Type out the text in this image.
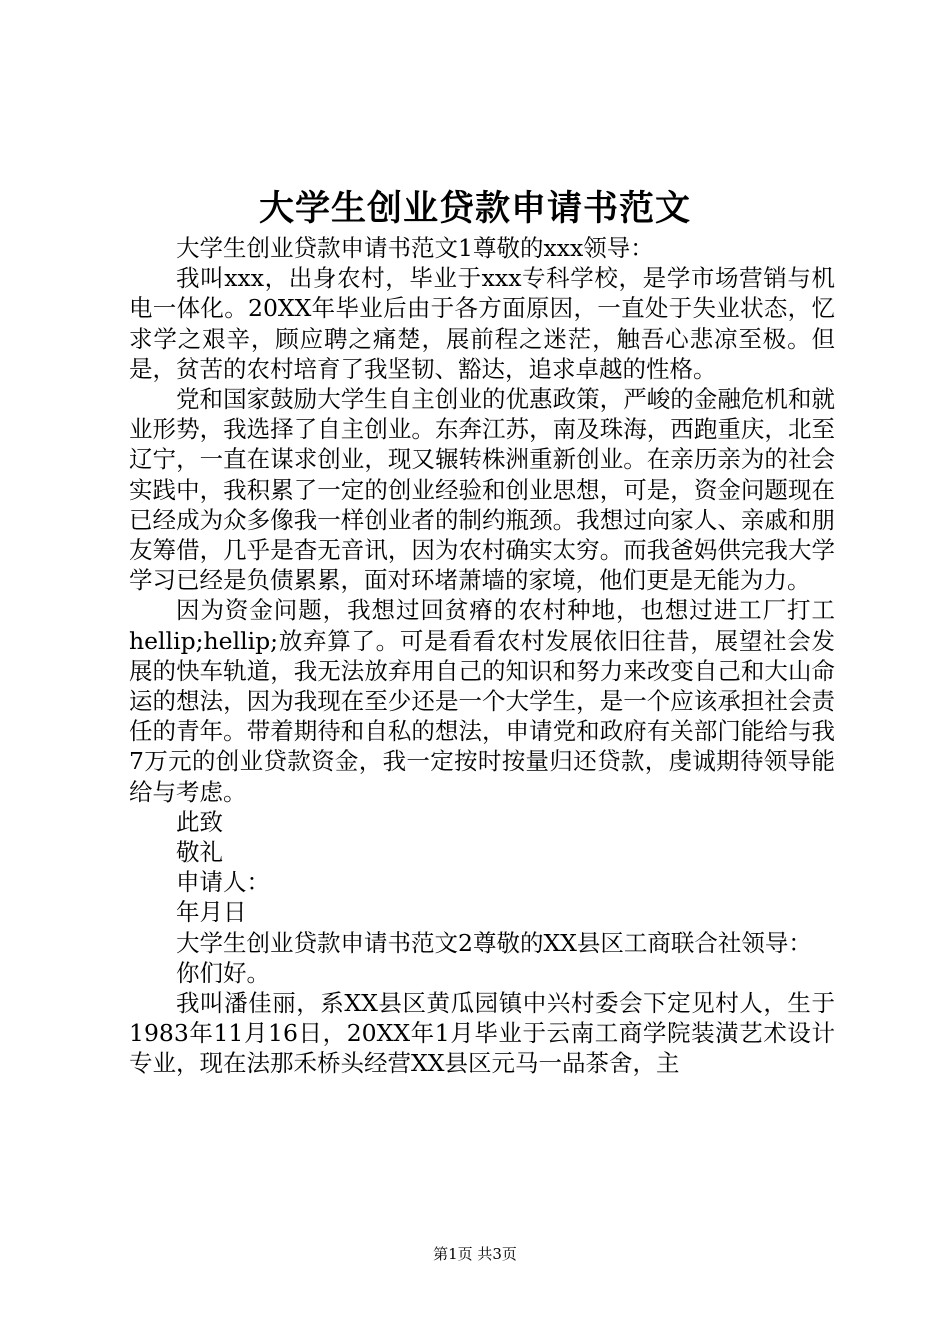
大学生创业贷款申请书范文

大学生创业贷款申请书范文1尊敬的xxx领导：

我叫xxx，出身农村，毕业于xxx专科学校，是学市场营销与机电一体化。20XX年毕业后由于各方面原因，一直处于失业状态，忆求学之艰辛，顾应聘之痛楚，展前程之迷茫，触吾心悲凉至极。但是，贫苦的农村培育了我坚韧、豁达，追求卓越的性格。

党和国家鼓励大学生自主创业的优惠政策，严峻的金融危机和就业形势，我选择了自主创业。东奔江苏，南及珠海，西跑重庆，北至辽宁，一直在谋求创业，现又辗转株洲重新创业。在亲历亲为的社会实践中，我积累了一定的创业经验和创业思想，可是，资金问题现在已经成为众多像我一样创业者的制约瓶颈。我想过向家人、亲戚和朋友筹借，几乎是杳无音讯，因为农村确实太穷。而我爸妈供完我大学学习已经是负债累累，面对环堵萧墙的家境，他们更是无能为力。

因为资金问题，我想过回贫瘠的农村种地，也想过进工厂打工hellip;hellip;放弃算了。可是看看农村发展依旧往昔，展望社会发展的快车轨道，我无法放弃用自己的知识和努力来改变自己和大山命运的想法，因为我现在至少还是一个大学生，是一个应该承担社会责任的青年。带着期待和自私的想法，申请党和政府有关部门能给与我7万元的创业贷款资金，我一定按时按量归还贷款，虔诚期待领导能给与考虑。

此致

敬礼

申请人：

年月日

大学生创业贷款申请书范文2尊敬的XX县区工商联合社领导：

你们好。

我叫潘佳丽，系XX县区黄瓜园镇中兴村委会下定见村人，生于1983年11月16日，20XX年1月毕业于云南工商学院装潢艺术设计专业，现在法那禾桥头经营XX县区元马一品茶舍，主

第1页 共3页
